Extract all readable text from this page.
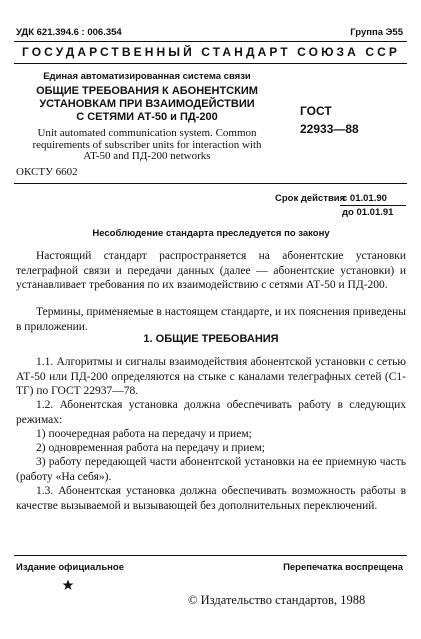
УДК 621.394.6 : 006.354	Группа Э55
ГОСУДАРСТВЕННЫЙ СТАНДАРТ СОЮЗА ССР
Единая автоматизированная система связи
ОБЩИЕ ТРЕБОВАНИЯ К АБОНЕНТСКИМ
УСТАНОВКАМ ПРИ ВЗАИМОДЕЙСТВИИ
С СЕТЯМИ АТ-50 и ПД-200
Unit automated communication system. Common
requirements of subscriber units for interaction with
AT-50 and ПД-200 networks
ОКСТУ 6602
ГОСТ
22933—88
Срок действия
с 01.01.90
до 01.01.91
Несоблюдение стандарта преследуется по закону
Настоящий стандарт распространяется на абонентские установки телеграфной связи и передачи данных (далее — абонентские установки) и устанавливает требования по их взаимодействию с сетями АТ-50 и ПД-200.
Термины, применяемые в настоящем стандарте, и их пояснения приведены в приложении.
1. ОБЩИЕ ТРЕБОВАНИЯ
1.1. Алгоритмы и сигналы взаимодействия абонентской установки с сетью АТ-50 или ПД-200 определяются на стыке с каналами телеграфных сетей (С1-ТГ) по ГОСТ 22937—78.
1.2. Абонентская установка должна обеспечивать работу в следующих режимах:
1) поочередная работа на передачу и прием;
2) одновременная работа на передачу и прием;
3) работу передающей части абонентской установки на ее приемную часть (работу «На себя»).
1.3. Абонентская установка должна обеспечивать возможность работы в качестве вызываемой и вызывающей без дополнительных переключений.
Издание официальное	Перепечатка воспрещена
© Издательство стандартов, 1988
